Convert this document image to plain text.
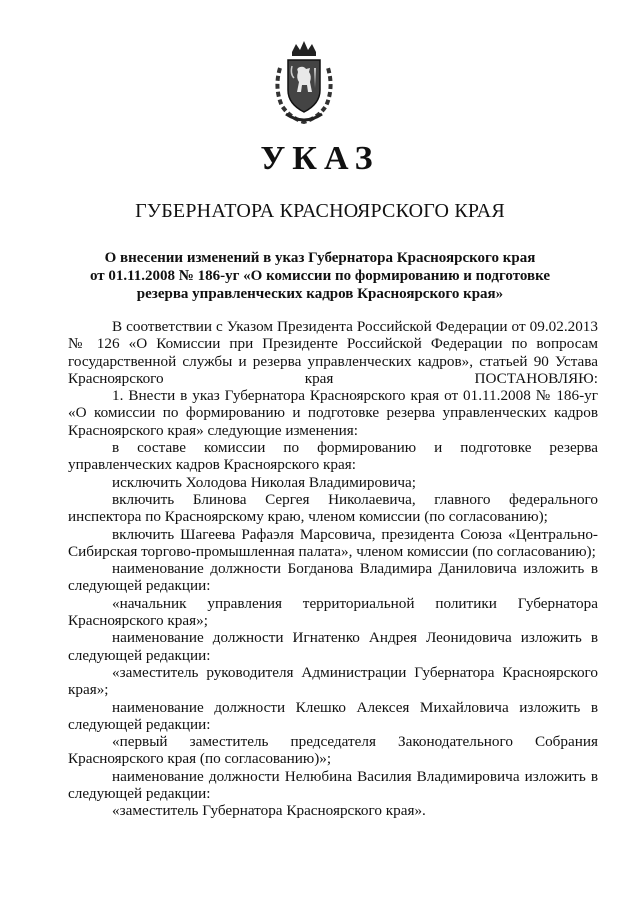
УКАЗ
ГУБЕРНАТОРА КРАСНОЯРСКОГО КРАЯ
О внесении изменений в указ Губернатора Красноярского края
от 01.11.2008 № 186-уг «О комиссии по формированию и подготовке
резерва управленческих кадров Красноярского края»

В соответствии с Указом Президента Российской Федерации от 09.02.2013 № 126 «О Комиссии при Президенте Российской Федерации по вопросам государственной службы и резерва управленческих кадров», статьей 90 Устава Красноярского края ПОСТАНОВЛЯЮ:

1. Внести в указ Губернатора Красноярского края от 01.11.2008 № 186-уг «О комиссии по формированию и подготовке резерва управленческих кадров Красноярского края» следующие изменения:

в составе комиссии по формированию и подготовке резерва управленческих кадров Красноярского края:

исключить Холодова Николая Владимировича;

включить Блинова Сергея Николаевича, главного федерального инспектора по Красноярскому краю, членом комиссии (по согласованию);

включить Шагеева Рафаэля Марсовича, президента Союза «Центрально-Сибирская торгово-промышленная палата», членом комиссии (по согласованию);

наименование должности Богданова Владимира Даниловича изложить в следующей редакции:

«начальник управления территориальной политики Губернатора Красноярского края»;

наименование должности Игнатенко Андрея Леонидовича изложить в следующей редакции:

«заместитель руководителя Администрации Губернатора Красноярского края»;

наименование должности Клешко Алексея Михайловича изложить в следующей редакции:

«первый заместитель председателя Законодательного Собрания Красноярского края (по согласованию)»;

наименование должности Нелюбина Василия Владимировича изложить в следующей редакции:

«заместитель Губернатора Красноярского края».
